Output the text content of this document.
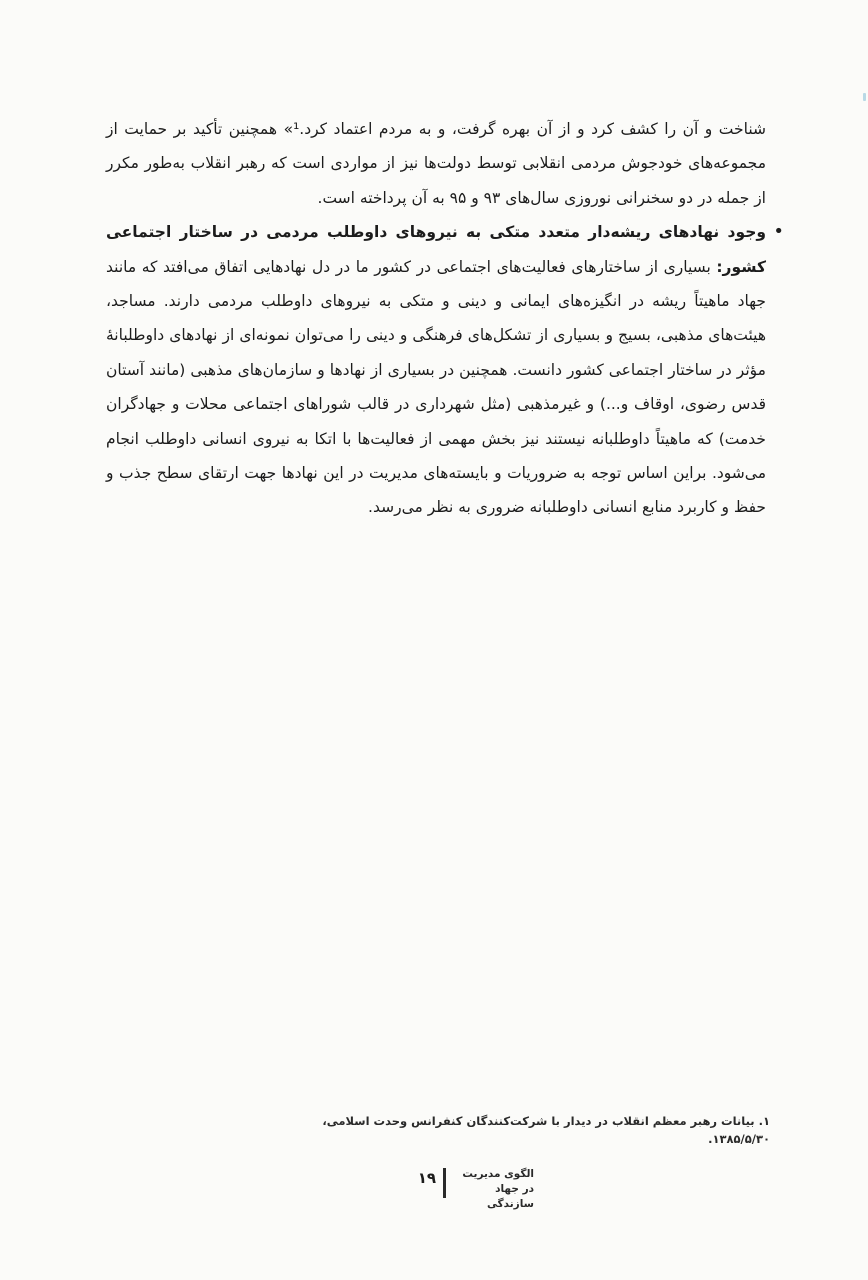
شناخت و آن را کشف کرد و از آن بهره گرفت، و به مردم اعتماد کرد.¹» همچنین تأکید بر حمایت از مجموعه‌های خودجوش مردمی انقلابی توسط دولت‌ها نیز از مواردی است که رهبر انقلاب به‌طور مکرر از جمله در دو سخنرانی نوروزی سال‌های ۹۳ و ۹۵ به آن پرداخته است.

•
وجود نهادهای ریشه‌دار متعدد متکی به نیروهای داوطلب مردمی در ساختار اجتماعی کشور: بسیاری از ساختارهای فعالیت‌های اجتماعی در کشور ما در دل نهادهایی اتفاق می‌افتد که مانند جهاد ماهیتاً ریشه در انگیزه‌های ایمانی و دینی و متکی به نیروهای داوطلب مردمی دارند. مساجد، هیئت‌های مذهبی، بسیج و بسیاری از تشکل‌های فرهنگی و دینی را می‌توان نمونه‌ای از نهادهای داوطلبانهٔ مؤثر در ساختار اجتماعی کشور دانست. همچنین در بسیاری از نهادها و سازمان‌های مذهبی (مانند آستان قدس رضوی، اوقاف و...) و غیرمذهبی (مثل شهرداری در قالب شوراهای اجتماعی محلات و جهادگران خدمت) که ماهیتاً داوطلبانه نیستند نیز بخش مهمی از فعالیت‌ها با اتکا به نیروی انسانی داوطلب انجام می‌شود. براین اساس توجه به ضروریات و بایسته‌های مدیریت در این نهادها جهت ارتقای سطح جذب و حفظ و کاربرد منابع انسانی داوطلبانه ضروری به نظر می‌رسد.

۱. بیانات رهبر معظم انقلاب در دیدار با شرکت‌کنندگان کنفرانس وحدت اسلامی، ۱۳۸۵/۵/۳۰.
الگوی مدیریت
در جهاد سازندگی
۱۹
